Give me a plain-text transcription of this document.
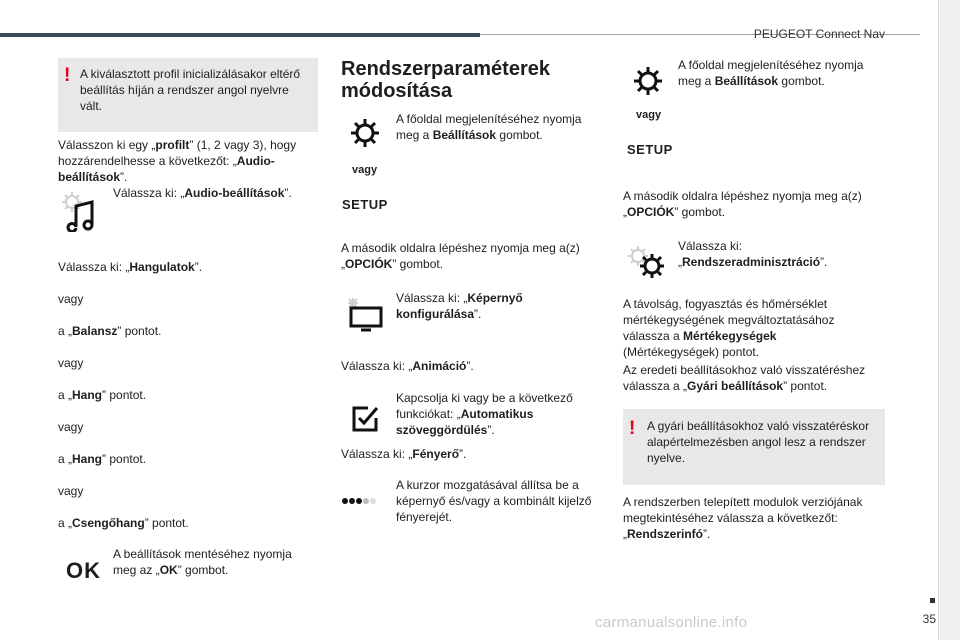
PEUGEOT Connect Nav
35
carmanualsonline.info
! A kiválasztott profil inicializálásakor eltérő beállítás híján a rendszer angol nyelvre vált.
Válasszon ki egy „profilt” (1, 2 vagy 3), hogy hozzárendelhesse a következőt: „Audio-beállítások”.
Válassza ki: „Audio-beállítások”.
Válassza ki: „Hangulatok”.
vagy
a „Balansz” pontot.
vagy
a „Hang” pontot.
vagy
a „Hang” pontot.
vagy
a „Csengőhang” pontot.
OK
A beállítások mentéséhez nyomja meg az „OK” gombot.
Rendszerparaméterek
módosítása
A főoldal megjelenítéséhez nyomja meg a Beállítások gombot.
vagy
SETUP
A második oldalra lépéshez nyomja meg a(z) „OPCIÓK” gombot.
Válassza ki: „Képernyő konfigurálása”.
Válassza ki: „Animáció”.
Kapcsolja ki vagy be a következő funkciókat: „Automatikus szöveggördülés”.
Válassza ki: „Fényerő”.
A kurzor mozgatásával állítsa be a képernyő és/vagy a kombinált kijelző fényerejét.
A főoldal megjelenítéséhez nyomja meg a Beállítások gombot.
vagy
SETUP
A második oldalra lépéshez nyomja meg a(z) „OPCIÓK” gombot.
Válassza ki: „Rendszeradminisztráció”.
A távolság, fogyasztás és hőmérséklet mértékegységének megváltoztatásához válassza a Mértékegységek (Mértékegységek) pontot.
Az eredeti beállításokhoz való visszatéréshez válassza a „Gyári beállítások” pontot.
! A gyári beállításokhoz való visszatéréskor alapértelmezésben angol lesz a rendszer nyelve.
A rendszerben telepített modulok verziójának megtekintéséhez válassza a következőt: „Rendszerinfó”.
